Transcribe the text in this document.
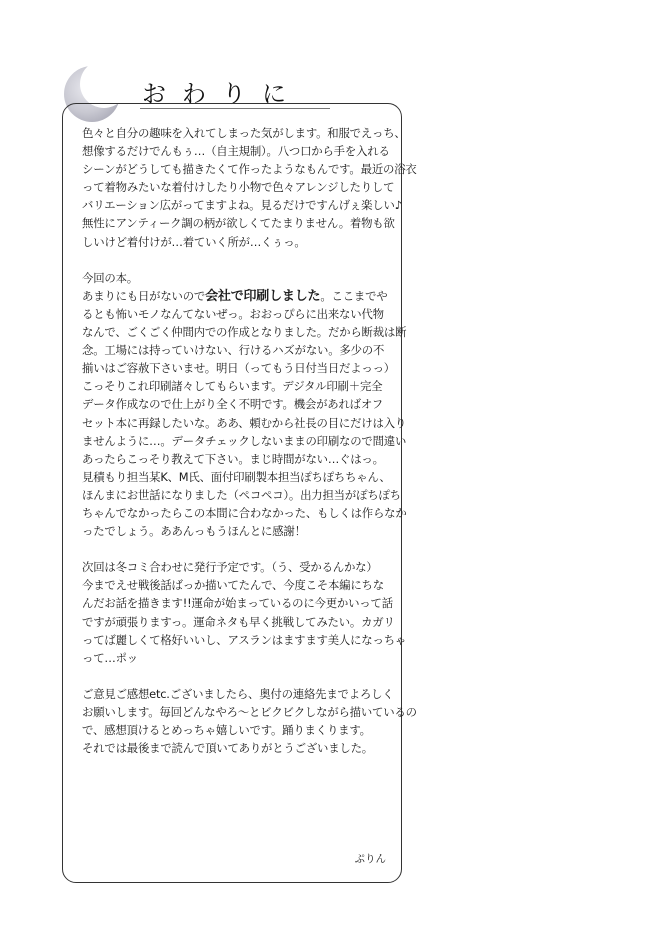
おわりに
色々と自分の趣味を入れてしまった気がします。和服でえっち、
想像するだけでんもぅ…（自主規制）。八つ口から手を入れる
シーンがどうしても描きたくて作ったようなもんです。最近の浴衣
って着物みたいな着付けしたり小物で色々アレンジしたりして
バリエーション広がってますよね。見るだけですんげぇ楽しい♪
無性にアンティーク調の柄が欲しくてたまりません。着物も欲
しいけど着付けが…着ていく所が…くぅっ。
今回の本。
あまりにも日がないので会社で印刷しました。ここまでや
るとも怖いモノなんてないぜっ。おおっぴらに出来ない代物
なんで、ごくごく仲間内での作成となりました。だから断裁は断
念。工場には持っていけない、行けるハズがない。多少の不
揃いはご容赦下さいませ。明日（ってもう日付当日だよっっ）
こっそりこれ印刷諸々してもらいます。デジタル印刷＋完全
データ作成なので仕上がり全く不明です。機会があればオフ
セット本に再録したいな。ああ、頼むから社長の目にだけは入り
ませんように…。データチェックしないままの印刷なので間違い
あったらこっそり教えて下さい。まじ時間がない…ぐはっ。
見積もり担当某K、M氏、面付印刷製本担当ぽちぽちちゃん、
ほんまにお世話になりました（ペコペコ）。出力担当がぽちぽち
ちゃんでなかったらこの本間に合わなかった、もしくは作らなか
ったでしょう。ああんっもうほんとに感謝！
次回は冬コミ合わせに発行予定です。（う、受かるんかな）
今までえせ戦後話ばっか描いてたんで、今度こそ本編にちな
んだお話を描きます!!運命が始まっているのに今更かいって話
ですが頑張りますっ。運命ネタも早く挑戦してみたい。カガリ
ってば麗しくて格好いいし、アスランはますます美人になっちゃ
って…ポッ
ご意見ご感想etc.ございましたら、奥付の連絡先までよろしく
お願いします。毎回どんなやろ～とビクビクしながら描いているの
で、感想頂けるとめっちゃ嬉しいです。踊りまくります。
それでは最後まで読んで頂いてありがとうございました。
ぷりん
